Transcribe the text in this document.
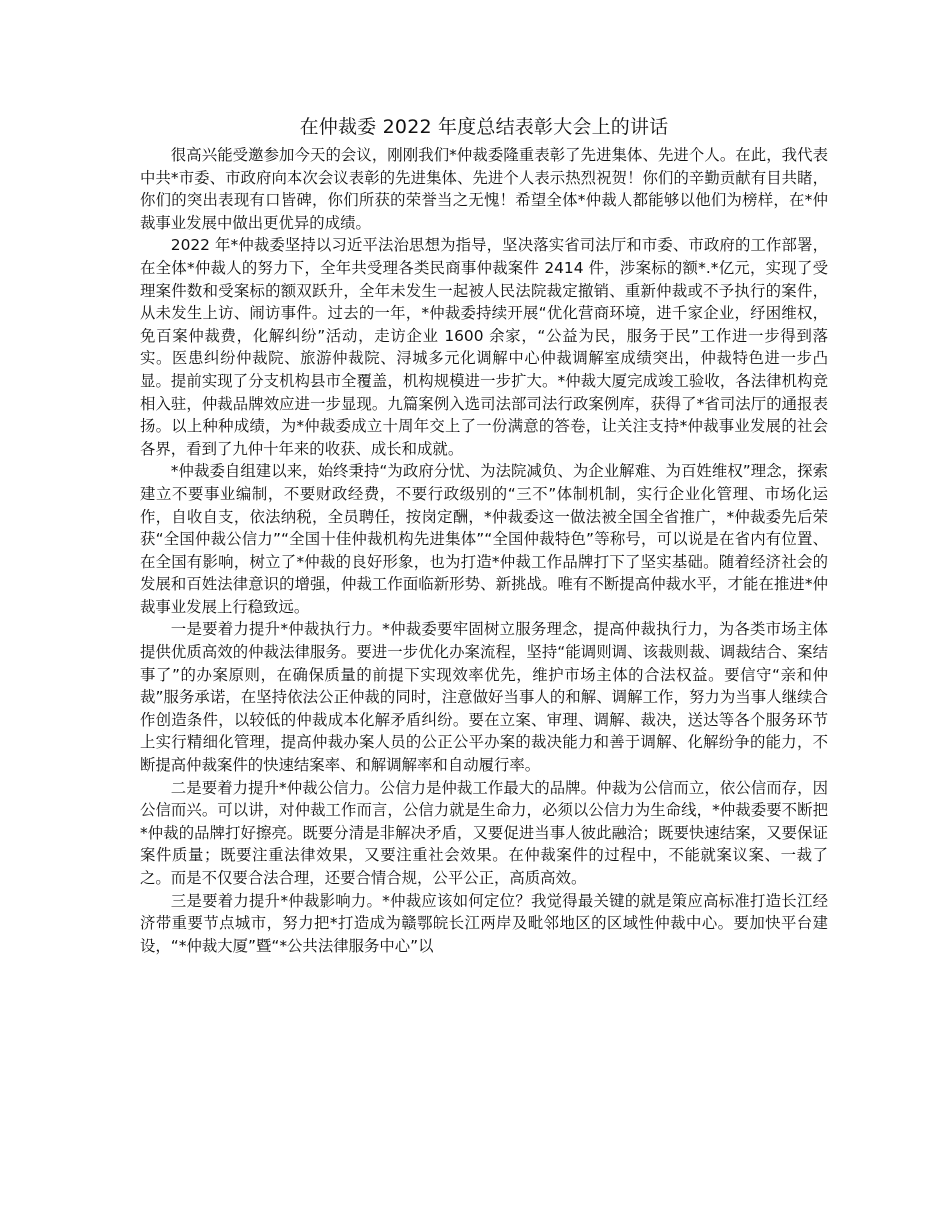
在仲裁委 2022 年度总结表彰大会上的讲话

很高兴能受邀参加今天的会议，刚刚我们*仲裁委隆重表彰了先进集体、先进个人。在此，我代表中共*市委、市政府向本次会议表彰的先进集体、先进个人表示热烈祝贺！你们的辛勤贡献有目共睹，你们的突出表现有口皆碑，你们所获的荣誉当之无愧！希望全体*仲裁人都能够以他们为榜样，在*仲裁事业发展中做出更优异的成绩。

2022 年*仲裁委坚持以习近平法治思想为指导，坚决落实省司法厅和市委、市政府的工作部署，在全体*仲裁人的努力下，全年共受理各类民商事仲裁案件 2414 件，涉案标的额*.*亿元，实现了受理案件数和受案标的额双跃升，全年未发生一起被人民法院裁定撤销、重新仲裁或不予执行的案件，从未发生上访、闹访事件。过去的一年，*仲裁委持续开展“优化营商环境，进千家企业，纾困维权，免百案仲裁费，化解纠纷”活动，走访企业 1600 余家，“公益为民，服务于民”工作进一步得到落实。医患纠纷仲裁院、旅游仲裁院、浔城多元化调解中心仲裁调解室成绩突出，仲裁特色进一步凸显。提前实现了分支机构县市全覆盖，机构规模进一步扩大。*仲裁大厦完成竣工验收，各法律机构竞相入驻，仲裁品牌效应进一步显现。九篇案例入选司法部司法行政案例库，获得了*省司法厅的通报表扬。以上种种成绩，为*仲裁委成立十周年交上了一份满意的答卷，让关注支持*仲裁事业发展的社会各界，看到了九仲十年来的收获、成长和成就。

*仲裁委自组建以来，始终秉持“为政府分忧、为法院减负、为企业解难、为百姓维权”理念，探索建立不要事业编制，不要财政经费，不要行政级别的“三不”体制机制，实行企业化管理、市场化运作，自收自支，依法纳税，全员聘任，按岗定酬，*仲裁委这一做法被全国全省推广，*仲裁委先后荣获“全国仲裁公信力”“全国十佳仲裁机构先进集体”“全国仲裁特色”等称号，可以说是在省内有位置、在全国有影响，树立了*仲裁的良好形象，也为打造*仲裁工作品牌打下了坚实基础。随着经济社会的发展和百姓法律意识的增强，仲裁工作面临新形势、新挑战。唯有不断提高仲裁水平，才能在推进*仲裁事业发展上行稳致远。

一是要着力提升*仲裁执行力。*仲裁委要牢固树立服务理念，提高仲裁执行力，为各类市场主体提供优质高效的仲裁法律服务。要进一步优化办案流程，坚持“能调则调、该裁则裁、调裁结合、案结事了”的办案原则，在确保质量的前提下实现效率优先，维护市场主体的合法权益。要信守“亲和仲裁”服务承诺，在坚持依法公正仲裁的同时，注意做好当事人的和解、调解工作，努力为当事人继续合作创造条件，以较低的仲裁成本化解矛盾纠纷。要在立案、审理、调解、裁决，送达等各个服务环节上实行精细化管理，提高仲裁办案人员的公正公平办案的裁决能力和善于调解、化解纷争的能力，不断提高仲裁案件的快速结案率、和解调解率和自动履行率。

二是要着力提升*仲裁公信力。公信力是仲裁工作最大的品牌。仲裁为公信而立，依公信而存，因公信而兴。可以讲，对仲裁工作而言，公信力就是生命力，必须以公信力为生命线，*仲裁委要不断把*仲裁的品牌打好擦亮。既要分清是非解决矛盾，又要促进当事人彼此融洽；既要快速结案，又要保证案件质量；既要注重法律效果，又要注重社会效果。在仲裁案件的过程中，不能就案议案、一裁了之。而是不仅要合法合理，还要合情合规，公平公正，高质高效。

三是要着力提升*仲裁影响力。*仲裁应该如何定位？我觉得最关键的就是策应高标准打造长江经济带重要节点城市，努力把*打造成为赣鄂皖长江两岸及毗邻地区的区域性仲裁中心。要加快平台建设，“*仲裁大厦”暨“*公共法律服务中心”以
